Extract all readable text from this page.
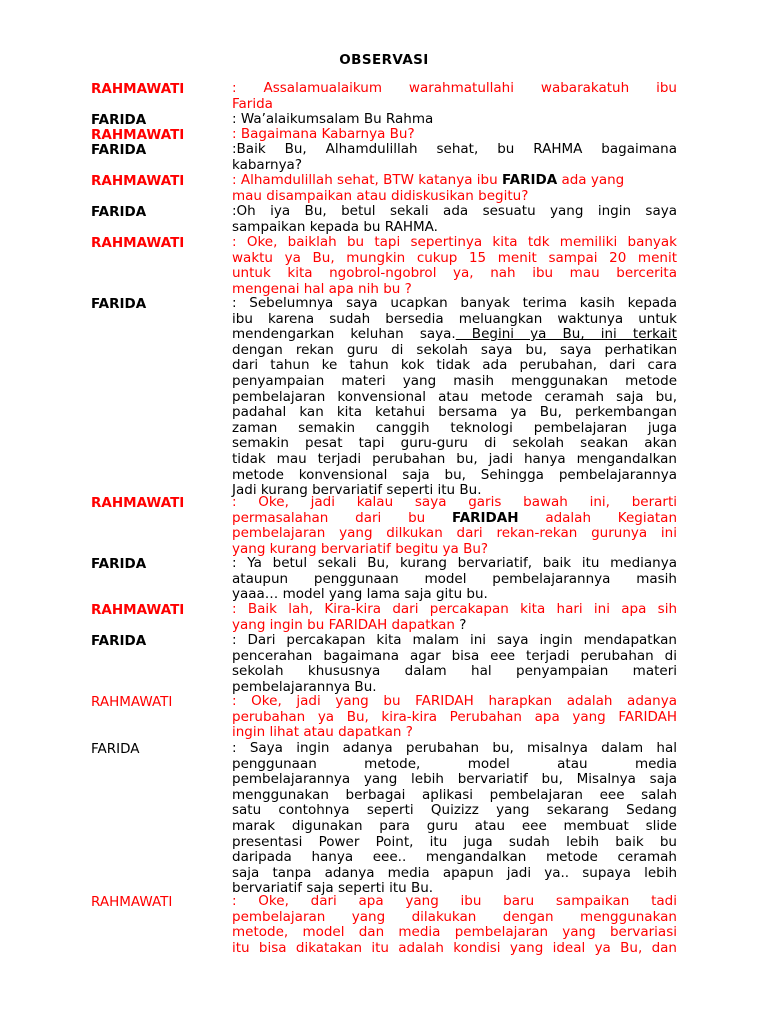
OBSERVASI
RAHMAWATI	: Assalamualaikum warahmatullahi wabarakatuh ibu
Farida
FARIDA	: Wa’alaikumsalam Bu Rahma
RAHMAWATI	: Bagaimana Kabarnya Bu?
FARIDA	:Baik Bu, Alhamdulillah sehat, bu RAHMA bagaimana
kabarnya?
RAHMAWATI	: Alhamdulillah sehat, BTW katanya ibu FARIDA ada yang
mau disampaikan atau didiskusikan begitu?
FARIDA	:Oh iya Bu, betul sekali ada sesuatu yang ingin saya
sampaikan kepada bu RAHMA.
RAHMAWATI	: Oke, baiklah bu tapi sepertinya kita tdk memiliki banyak
waktu ya Bu, mungkin cukup 15 menit sampai 20 menit
untuk kita ngobrol-ngobrol ya, nah ibu mau bercerita
mengenai hal apa nih bu ?
FARIDA	: Sebelumnya saya ucapkan banyak terima kasih kepada
ibu karena sudah bersedia meluangkan waktunya untuk
mendengarkan keluhan saya. Begini ya Bu, ini terkait
dengan rekan guru di sekolah saya bu, saya perhatikan
dari tahun ke tahun kok tidak ada perubahan, dari cara
penyampaian materi yang masih menggunakan metode
pembelajaran konvensional atau metode ceramah saja bu,
padahal kan kita ketahui bersama ya Bu, perkembangan
zaman semakin canggih teknologi pembelajaran juga
semakin pesat tapi guru-guru di sekolah seakan akan
tidak mau terjadi perubahan bu, jadi hanya mengandalkan
metode konvensional saja bu, Sehingga pembelajarannya
Jadi kurang bervariatif seperti itu Bu.
RAHMAWATI	: Oke, jadi kalau saya garis bawah ini, berarti
permasalahan dari bu FARIDAH adalah Kegiatan
pembelajaran yang dilkukan dari rekan-rekan gurunya ini
yang kurang bervariatif begitu ya Bu?
FARIDA	: Ya betul sekali Bu, kurang bervariatif, baik itu medianya
ataupun penggunaan model pembelajarannya masih
yaaa… model yang lama saja gitu bu.
RAHMAWATI	: Baik lah, Kira-kira dari percakapan kita hari ini apa sih
yang ingin bu FARIDAH dapatkan ?
FARIDA	: Dari percakapan kita malam ini saya ingin mendapatkan
pencerahan bagaimana agar bisa eee terjadi perubahan di
sekolah khususnya dalam hal penyampaian materi
pembelajarannya Bu.
RAHMAWATI	: Oke, jadi yang bu FARIDAH harapkan adalah adanya
perubahan ya Bu, kira-kira Perubahan apa yang FARIDAH
ingin lihat atau dapatkan ?
FARIDA	: Saya ingin adanya perubahan bu, misalnya dalam hal
penggunaan metode, model atau media
pembelajarannya yang lebih bervariatif bu, Misalnya saja
menggunakan berbagai aplikasi pembelajaran eee salah
satu contohnya seperti Quizizz yang sekarang Sedang
marak digunakan para guru atau eee membuat slide
presentasi Power Point, itu juga sudah lebih baik bu
daripada hanya eee.. mengandalkan metode ceramah
saja tanpa adanya media apapun jadi ya.. supaya lebih
bervariatif saja seperti itu Bu.
RAHMAWATI	: Oke, dari apa yang ibu baru sampaikan tadi
pembelajaran yang dilakukan dengan menggunakan
metode, model dan media pembelajaran yang bervariasi
itu bisa dikatakan itu adalah kondisi yang ideal ya Bu, dan
